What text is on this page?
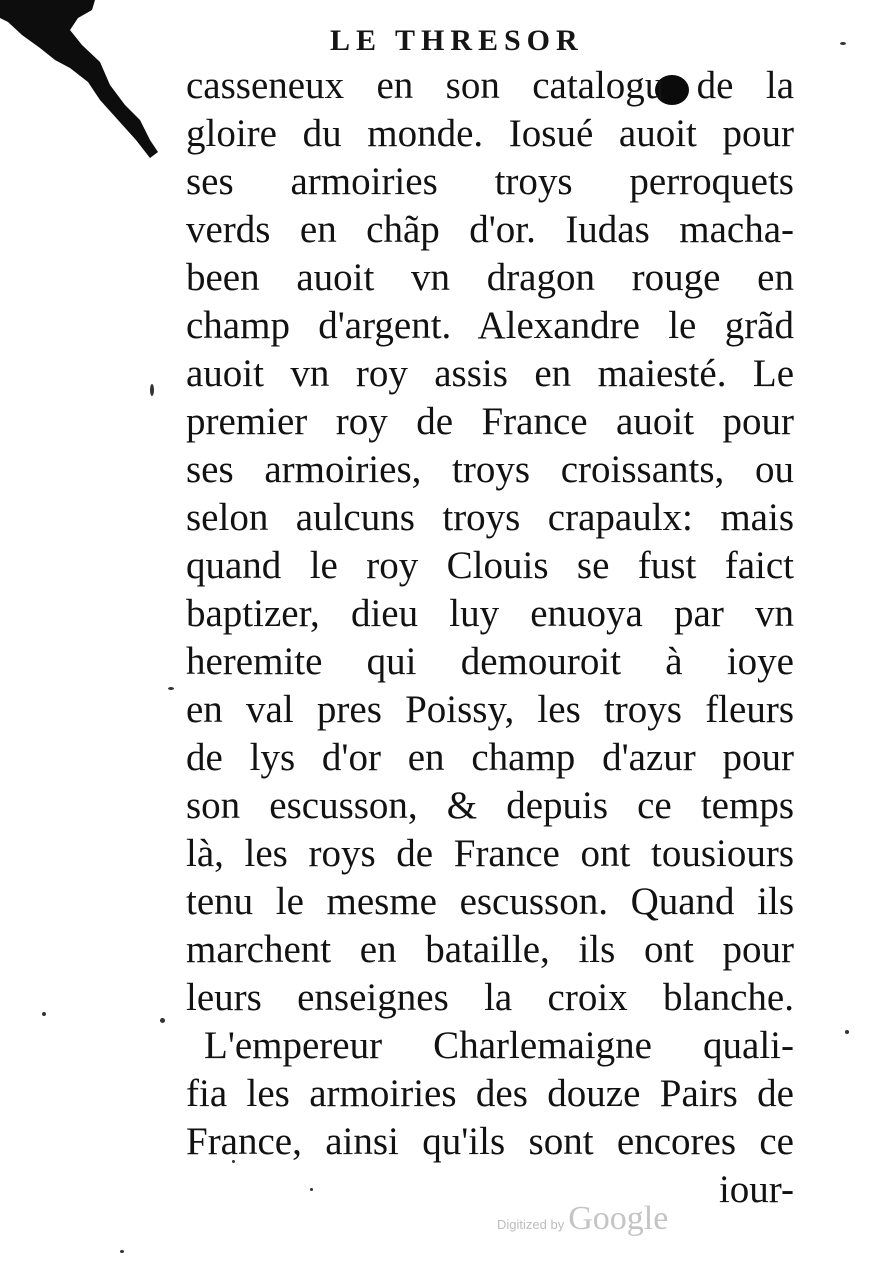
LE THRESOR
casseneux en son catalogu de la
gloire du monde. Iosué auoit pour
ses armoiries troys perroquets
verds en chãp d'or. Iudas macha-
been auoit vn dragon rouge en
champ d'argent. Alexandre le grãd
auoit vn roy assis en maiesté. Le
premier roy de France auoit pour
ses armoiries, troys croissants, ou
selon aulcuns troys crapaulx: mais
quand le roy Clouis se fust faict
baptizer, dieu luy enuoya par vn
heremite qui demouroit à ioye
en val pres Poissy, les troys fleurs
de lys d'or en champ d'azur pour
son escusson, & depuis ce temps
là, les roys de France ont tousiours
tenu le mesme escusson. Quand ils
marchent en bataille, ils ont pour
leurs enseignes la croix blanche.
L'empereur Charlemaigne quali-
fia les armoiries des douze Pairs de
France, ainsi qu'ils sont encores ce
iour-
Digitized by Google
